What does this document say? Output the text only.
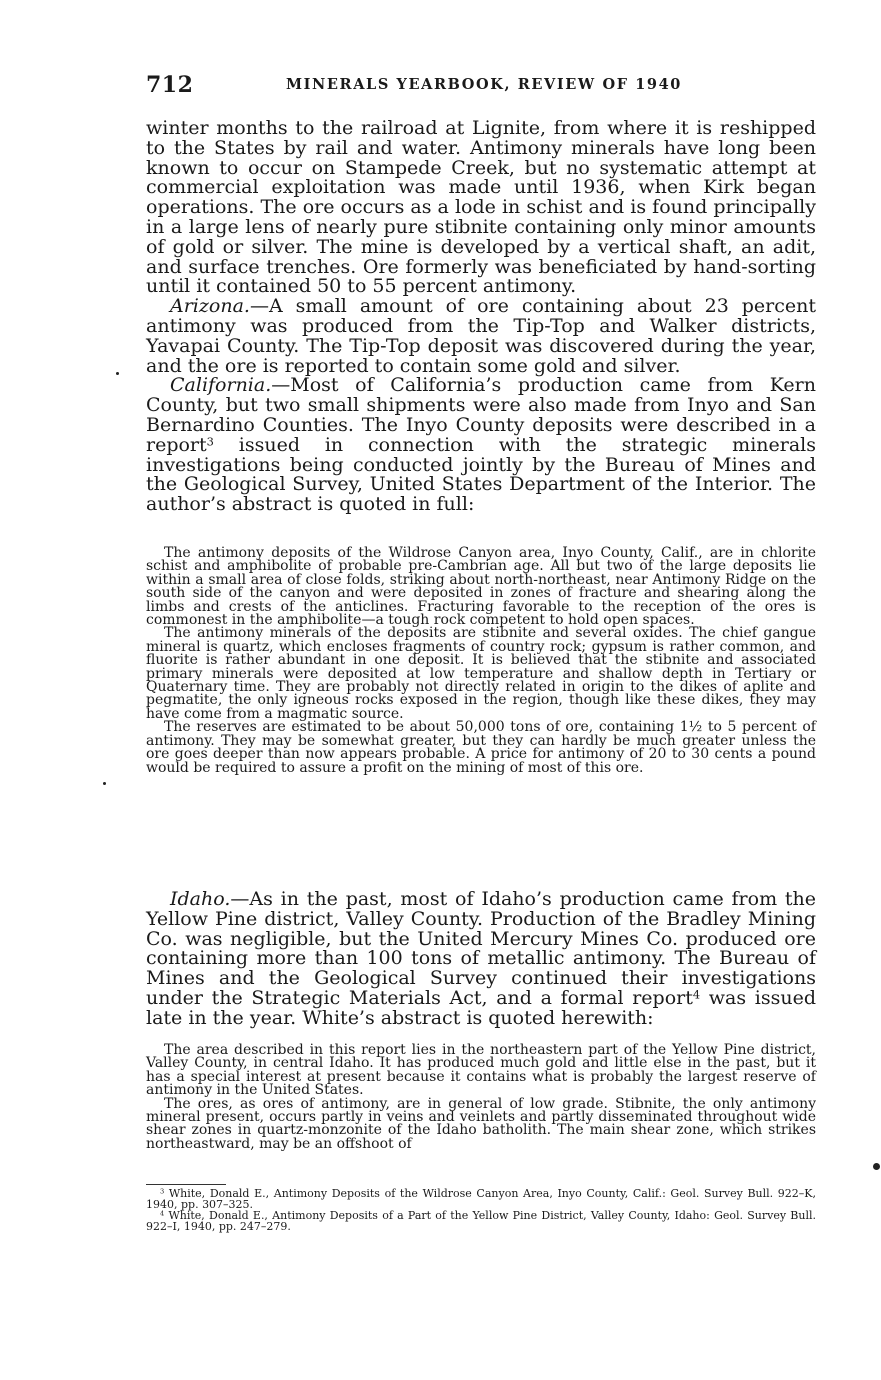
712	MINERALS YEARBOOK, REVIEW OF 1940

winter months to the railroad at Lignite, from where it is reshipped to the States by rail and water. Antimony minerals have long been known to occur on Stampede Creek, but no systematic attempt at commercial exploitation was made until 1936, when Kirk began operations. The ore occurs as a lode in schist and is found principally in a large lens of nearly pure stibnite containing only minor amounts of gold or silver. The mine is developed by a vertical shaft, an adit, and surface trenches. Ore formerly was beneficiated by hand-sorting until it contained 50 to 55 percent antimony.

Arizona.—A small amount of ore containing about 23 percent antimony was produced from the Tip-Top and Walker districts, Yavapai County. The Tip-Top deposit was discovered during the year, and the ore is reported to contain some gold and silver.

California.—Most of California’s production came from Kern County, but two small shipments were also made from Inyo and San Bernardino Counties. The Inyo County deposits were described in a report$^3$ issued in connection with the strategic minerals investigations being conducted jointly by the Bureau of Mines and the Geological Survey, United States Department of the Interior. The author’s abstract is quoted in full:

The antimony deposits of the Wildrose Canyon area, Inyo County, Calif., are in chlorite schist and amphibolite of probable pre-Cambrian age. All but two of the large deposits lie within a small area of close folds, striking about north-northeast, near Antimony Ridge on the south side of the canyon and were deposited in zones of fracture and shearing along the limbs and crests of the anticlines. Fracturing favorable to the reception of the ores is commonest in the amphibolite—a tough rock competent to hold open spaces.

The antimony minerals of the deposits are stibnite and several oxides. The chief gangue mineral is quartz, which encloses fragments of country rock; gypsum is rather common, and fluorite is rather abundant in one deposit. It is believed that the stibnite and associated primary minerals were deposited at low temperature and shallow depth in Tertiary or Quaternary time. They are probably not directly related in origin to the dikes of aplite and pegmatite, the only igneous rocks exposed in the region, though like these dikes, they may have come from a magmatic source.

The reserves are estimated to be about 50,000 tons of ore, containing 1½ to 5 percent of antimony. They may be somewhat greater, but they can hardly be much greater unless the ore goes deeper than now appears probable. A price for antimony of 20 to 30 cents a pound would be required to assure a profit on the mining of most of this ore.

Idaho.—As in the past, most of Idaho’s production came from the Yellow Pine district, Valley County. Production of the Bradley Mining Co. was negligible, but the United Mercury Mines Co. produced ore containing more than 100 tons of metallic antimony. The Bureau of Mines and the Geological Survey continued their investigations under the Strategic Materials Act, and a formal report$^4$ was issued late in the year. White’s abstract is quoted herewith:

The area described in this report lies in the northeastern part of the Yellow Pine district, Valley County, in central Idaho. It has produced much gold and little else in the past, but it has a special interest at present because it contains what is probably the largest reserve of antimony in the United States.

The ores, as ores of antimony, are in general of low grade. Stibnite, the only antimony mineral present, occurs partly in veins and veinlets and partly disseminated throughout wide shear zones in quartz-monzonite of the Idaho batholith. The main shear zone, which strikes northeastward, may be an offshoot of

$^3$ White, Donald E., Antimony Deposits of the Wildrose Canyon Area, Inyo County, Calif.: Geol. Survey Bull. 922–K, 1940, pp. 307–325.

$^4$ White, Donald E., Antimony Deposits of a Part of the Yellow Pine District, Valley County, Idaho: Geol. Survey Bull. 922–I, 1940, pp. 247–279.
